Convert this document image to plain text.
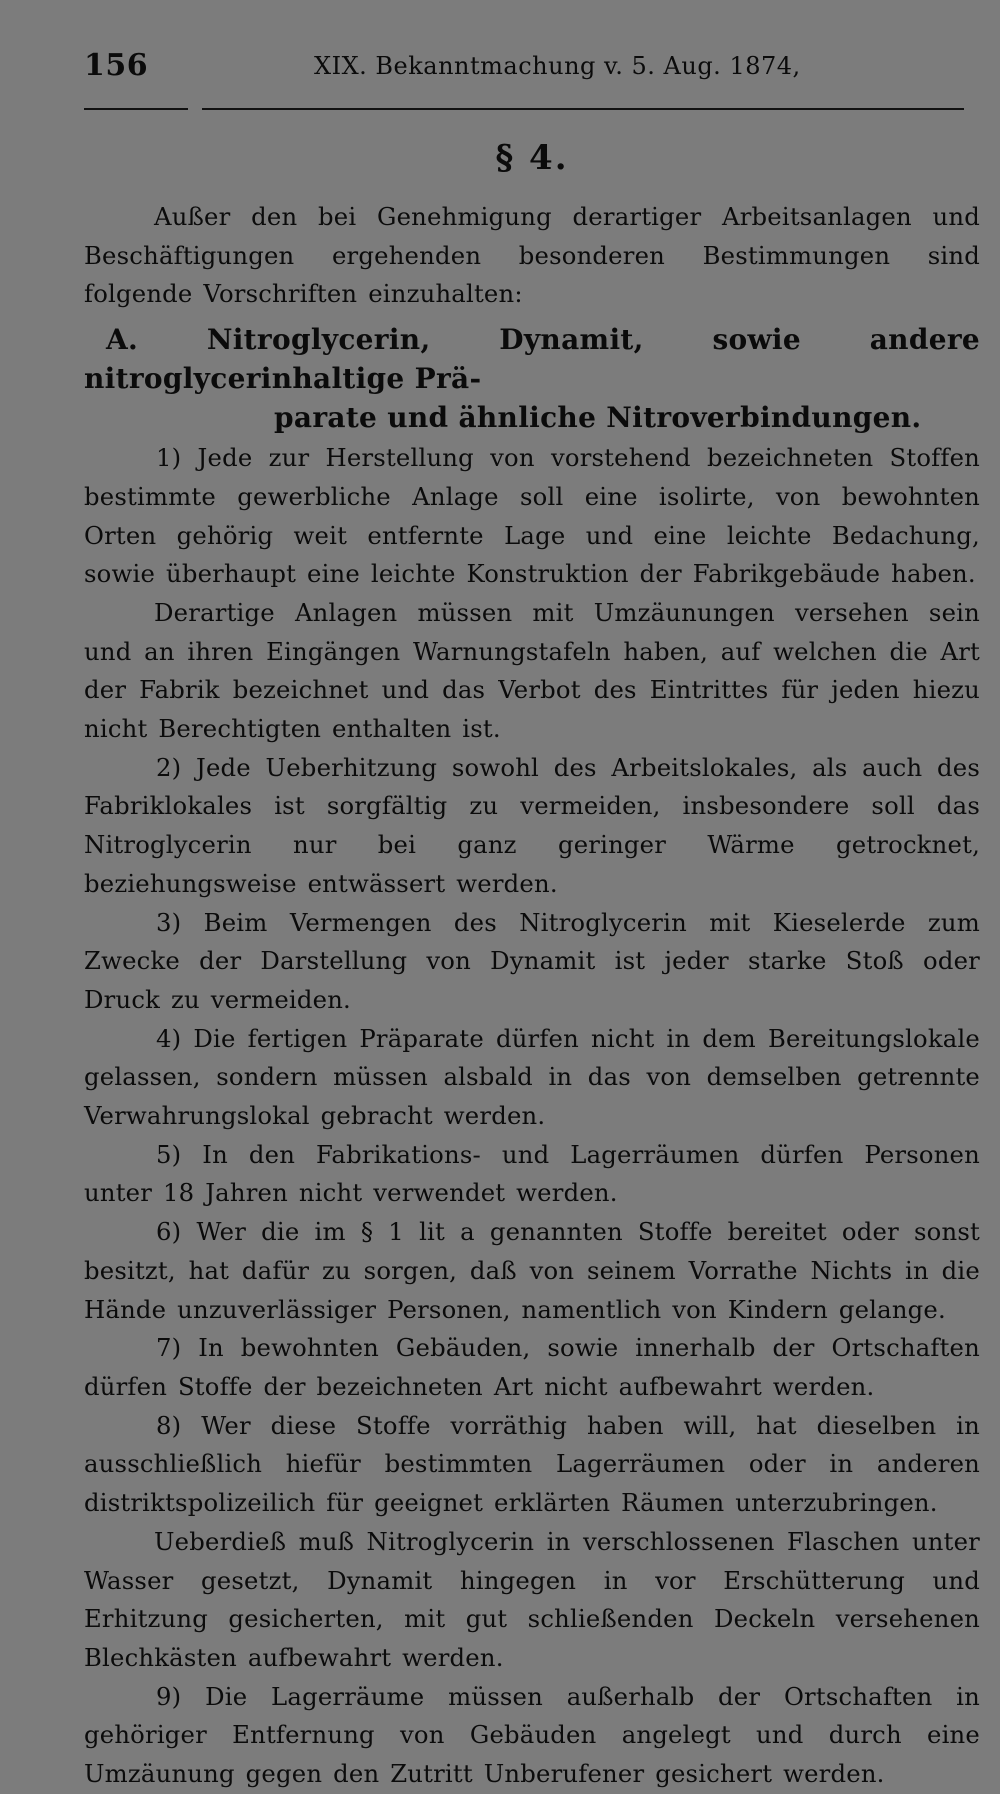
156	XIX. Bekanntmachung v. 5. Aug. 1874,
§ 4.

Außer den bei Genehmigung derartiger Arbeitsanlagen und Beschäftigungen ergehenden besonderen Bestimmungen sind folgende Vorschriften einzuhalten:

A. Nitroglycerin, Dynamit, sowie andere nitroglycerinhaltige Prä-
parate und ähnliche Nitroverbindungen.

1) Jede zur Herstellung von vorstehend bezeichneten Stoffen bestimmte gewerbliche Anlage soll eine isolirte, von bewohnten Orten gehörig weit entfernte Lage und eine leichte Bedachung, sowie überhaupt eine leichte Konstruktion der Fabrikgebäude haben.

Derartige Anlagen müssen mit Umzäunungen versehen sein und an ihren Eingängen Warnungstafeln haben, auf welchen die Art der Fabrik bezeichnet und das Verbot des Eintrittes für jeden hiezu nicht Berechtigten enthalten ist.

2) Jede Ueberhitzung sowohl des Arbeitslokales, als auch des Fabriklokales ist sorgfältig zu vermeiden, insbesondere soll das Nitroglycerin nur bei ganz geringer Wärme getrocknet, beziehungsweise entwässert werden.

3) Beim Vermengen des Nitroglycerin mit Kieselerde zum Zwecke der Darstellung von Dynamit ist jeder starke Stoß oder Druck zu vermeiden.

4) Die fertigen Präparate dürfen nicht in dem Bereitungslokale gelassen, sondern müssen alsbald in das von demselben getrennte Verwahrungslokal gebracht werden.

5) In den Fabrikations- und Lagerräumen dürfen Personen unter 18 Jahren nicht verwendet werden.

6) Wer die im § 1 lit a genannten Stoffe bereitet oder sonst besitzt, hat dafür zu sorgen, daß von seinem Vorrathe Nichts in die Hände unzuverlässiger Personen, namentlich von Kindern gelange.

7) In bewohnten Gebäuden, sowie innerhalb der Ortschaften dürfen Stoffe der bezeichneten Art nicht aufbewahrt werden.

8) Wer diese Stoffe vorräthig haben will, hat dieselben in ausschließlich hiefür bestimmten Lagerräumen oder in anderen distriktspolizeilich für geeignet erklärten Räumen unterzubringen.

Ueberdieß muß Nitroglycerin in verschlossenen Flaschen unter Wasser gesetzt, Dynamit hingegen in vor Erschütterung und Erhitzung gesicherten, mit gut schließenden Deckeln versehenen Blechkästen aufbewahrt werden.

9) Die Lagerräume müssen außerhalb der Ortschaften in gehöriger Entfernung von Gebäuden angelegt und durch eine Umzäunung gegen den Zutritt Unberufener gesichert werden.
